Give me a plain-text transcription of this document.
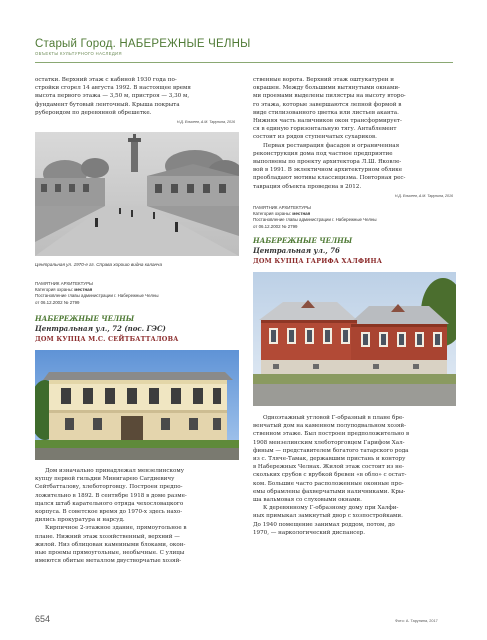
Старый Город. НАБЕРЕЖНЫЕ ЧЕЛНЫ
ОБЪЕКТЫ КУЛЬТУРНОГО НАСЛЕДИЯ
остатки. Верхний этаж с кабиной 1930 года по-
стройки сгорел 14 августа 1992. В настоящее время
высота первого этажа — 3,50 м, пристроя — 3,30 м,
фундамент бутовый ленточный. Крыша покрыта
рубероидом по деревянной обрешетке.
Н.Д. Еникеев, А.М. Тарунина, 2016
Центральная ул. 1970-е гг. Справа хорошо видна каланча
ПАМЯТНИК АРХИТЕКТУРЫ
Категория охраны: местная
Постановление главы администрации г. Набережные Челны
от 06.12.2002 № 2799
НАБЕРЕЖНЫЕ ЧЕЛНЫ
Центральная ул., 72 (пос. ГЭС)
ДОМ КУПЦА М.С. СЕЙТБАТТАЛОВА
Дом изначально принадлежал мензелинскому
купцу первой гильдии Минигарею Сагдиевичу
Сейтбатталову, хлеботорговцу. Построен предпо-
ложительно в 1892. В сентябре 1918 в доме разме-
щался штаб карательного отряда чехословацкого
корпуса. В советское время до 1970-х здесь нахо-
дились прокуратура и нарсуд.
Кирпичное 2-этажное здание, прямоугольное в
плане. Нижний этаж хозяйственный, верхний —
жилой. Низ облицован камеиными блоками, окон-
ные проемы прямоугольные, необычные. С улицы
имеются обитые металлом двустворчатые хозяй-
ственные ворота. Верхний этаж оштукатурен и
окрашен. Между большими вытянутыми окнами-
ми проемами выделены пилястры на высоту второ-
го этажа, которые завершаются лепной формой в
виде стилизованного цветка или листьев аканта.
Нижняя часть наличников окон трансформирует-
ся в единую горизонтальную тягу. Антаблемент
состоит из рядов ступенчатых сухариков.
Первая реставрация фасадов и ограниченная
реконструкция дома под частное предприятие
выполнены по проекту архитектора Л.Ш. Яковле-
вой в 1991. В эклектичном архитектурном облике
преобладают мотивы классицизма. Повторная рес-
таврация объекта проведена в 2012.
Н.Д. Еникеев, А.М. Тарунина, 2016
ПАМЯТНИК АРХИТЕКТУРЫ
Категория охраны: местная
Постановление главы администрации г. Набережные Челны
от 06.12.2002 № 2799
НАБЕРЕЖНЫЕ ЧЕЛНЫ
Центральная ул., 76
ДОМ КУПЦА ГАРИФА ХАЛФИНА
Одноэтажный угловой Г-образный в плане бре-
венчатый дом на каменном полуподвальном хозяй-
ственном этаже. Был построен предположительно в
1908 мензелинским хлеботорговцем Гарифом Хал-
финым — представителем богатого татарского рода
из с. Тляче-Тамак, державшим пристань и контору
в Набережных Челнах. Жилой этаж состоит из не-
скольких срубов с врубкой бревен «в обло» с остат-
ком. Большие часто расположенные оконные про-
емы обрамлены фахверчатыми наличниками. Кры-
ша вальмовая со слуховыми окнами.
К деревянному Г-образному дому при Халфи-
ных примыкал замкнутый двор с хозпостройками.
До 1940 помещение занимал роддом, потом, до
1970, — наркологический диспансер.
654	Фото: А. Тарунина, 2017
